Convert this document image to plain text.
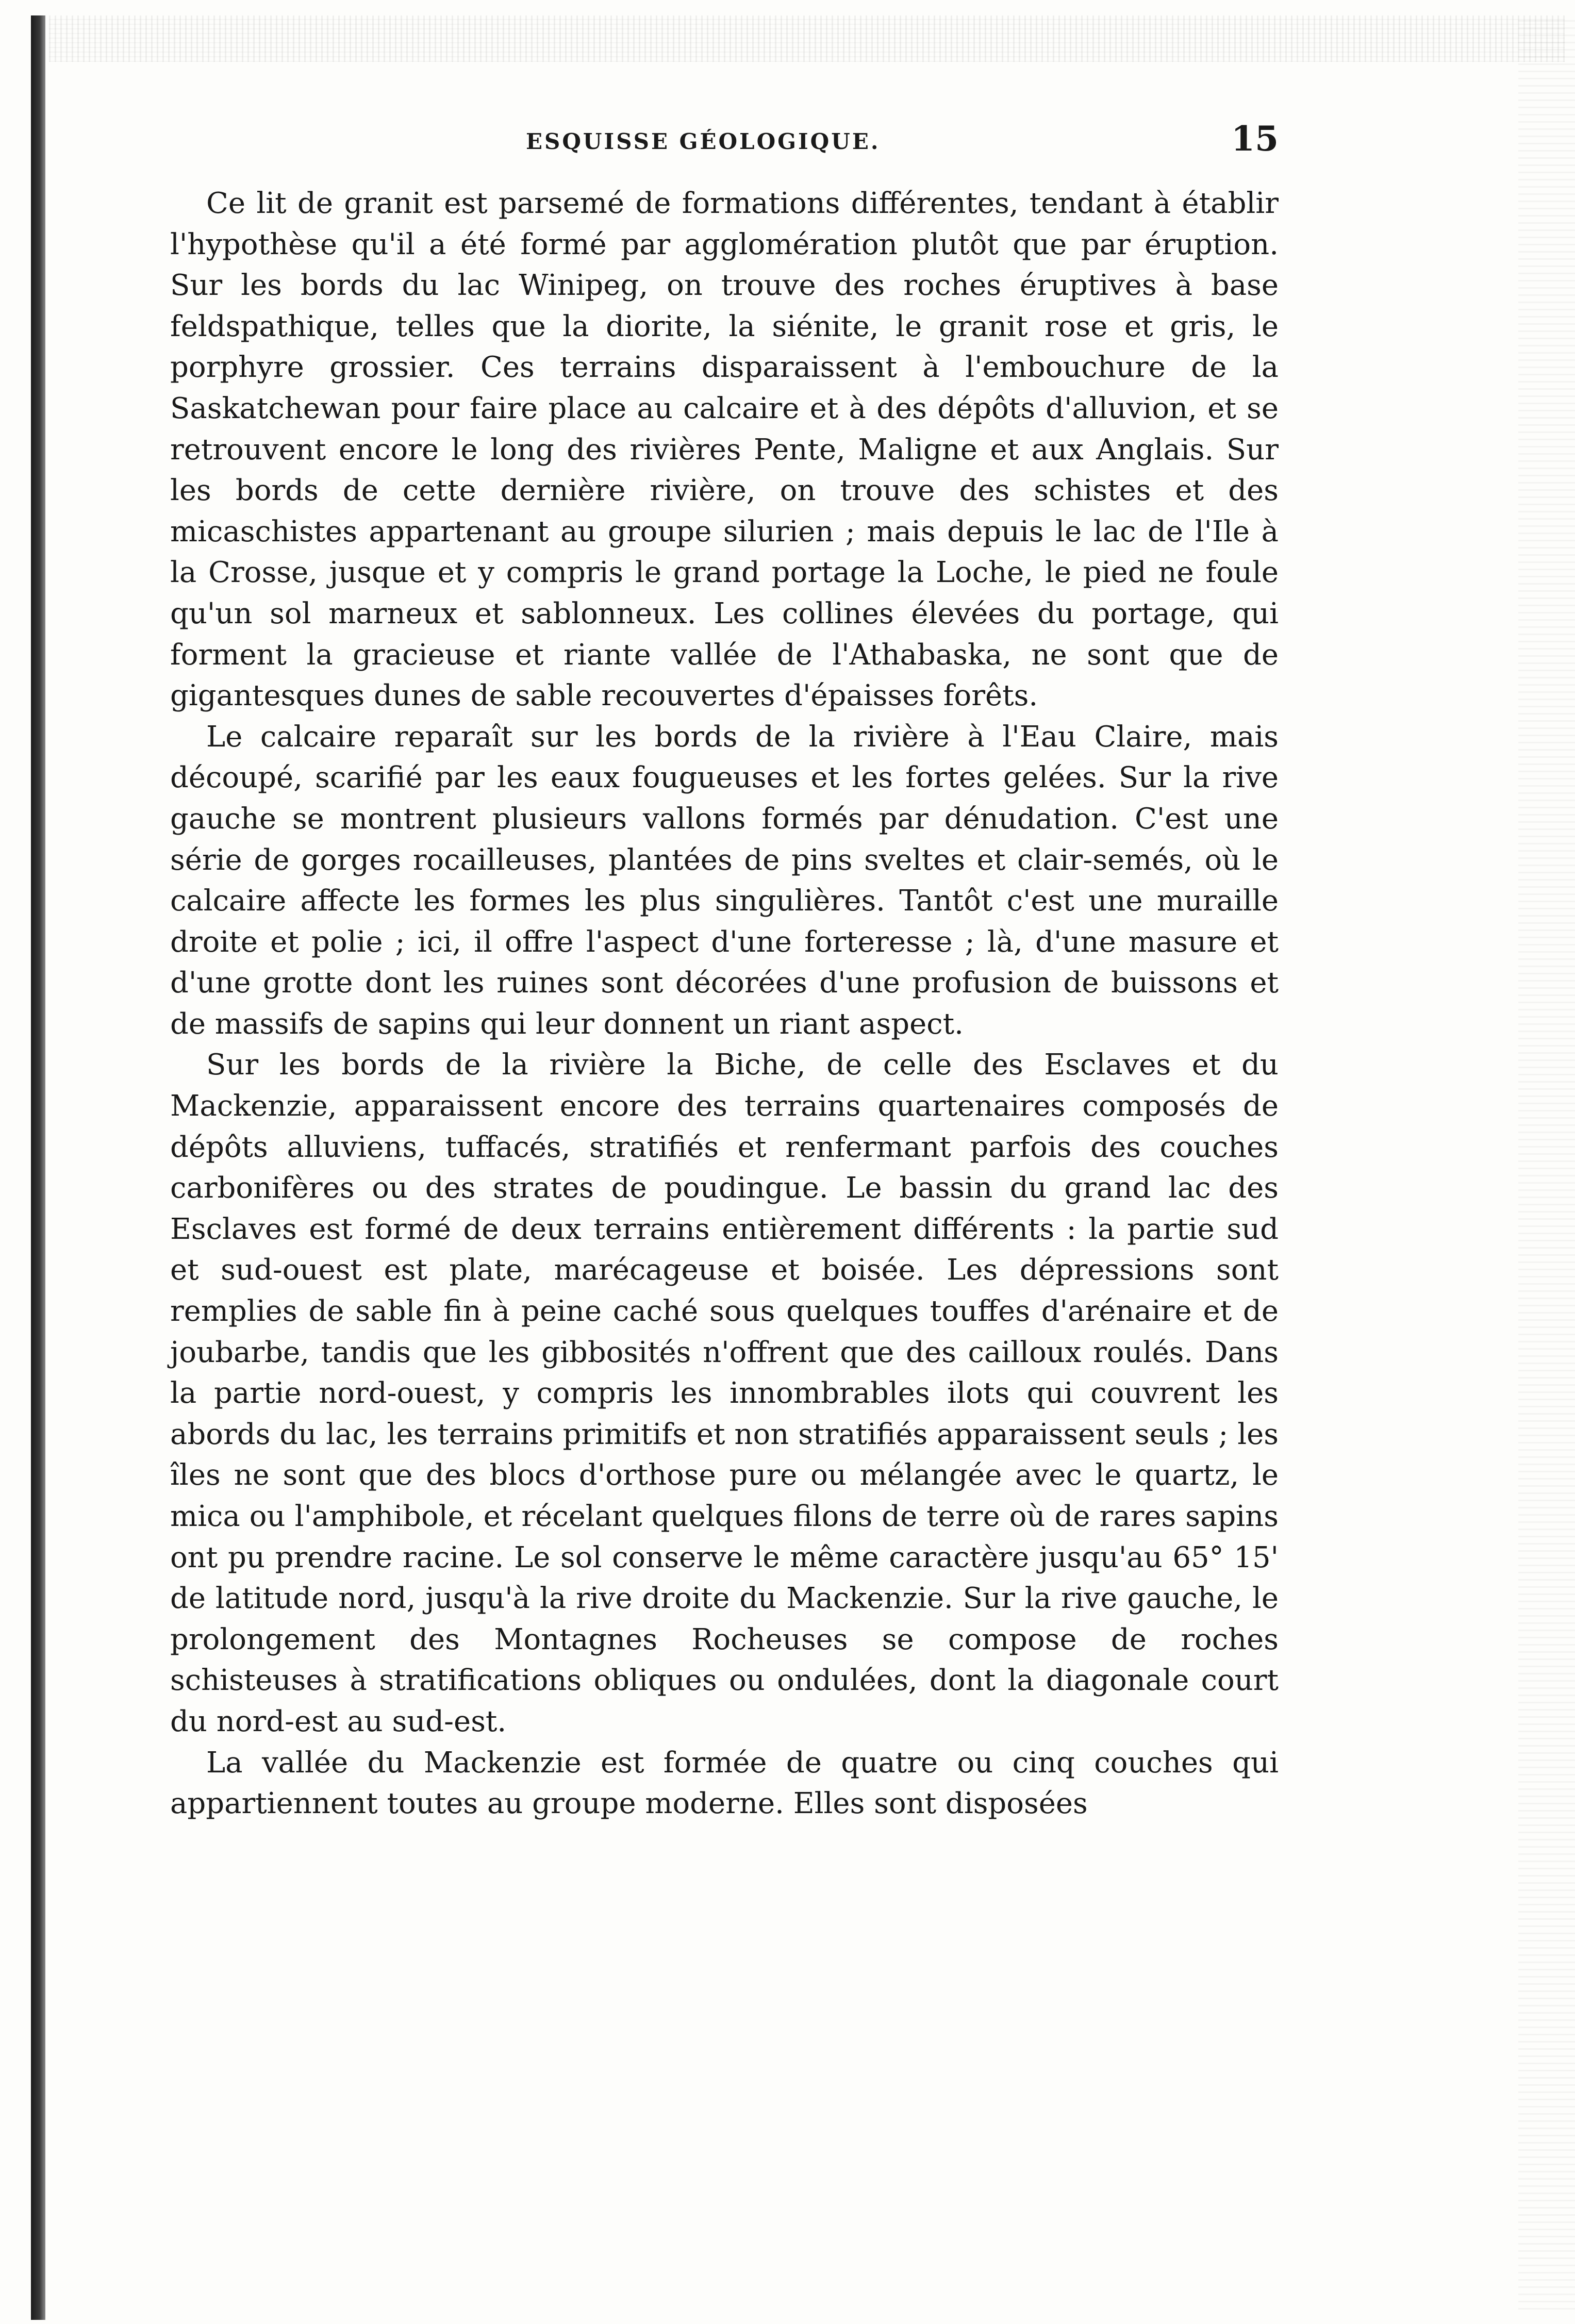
ESQUISSE GÉOLOGIQUE.	15

Ce lit de granit est parsemé de formations différentes, tendant à établir l'hypothèse qu'il a été formé par agglomération plutôt que par éruption. Sur les bords du lac Winipeg, on trouve des roches éruptives à base feldspathique, telles que la diorite, la siénite, le granit rose et gris, le porphyre grossier. Ces terrains disparaissent à l'embouchure de la Saskatchewan pour faire place au calcaire et à des dépôts d'alluvion, et se retrouvent encore le long des rivières Pente, Maligne et aux Anglais. Sur les bords de cette dernière rivière, on trouve des schistes et des micaschistes appartenant au groupe silurien ; mais depuis le lac de l'Ile à la Crosse, jusque et y compris le grand portage la Loche, le pied ne foule qu'un sol marneux et sablonneux. Les collines élevées du portage, qui forment la gracieuse et riante vallée de l'Athabaska, ne sont que de gigantesques dunes de sable recouvertes d'épaisses forêts.

Le calcaire reparaît sur les bords de la rivière à l'Eau Claire, mais découpé, scarifié par les eaux fougueuses et les fortes gelées. Sur la rive gauche se montrent plusieurs vallons formés par dénudation. C'est une série de gorges rocailleuses, plantées de pins sveltes et clair-semés, où le calcaire affecte les formes les plus singulières. Tantôt c'est une muraille droite et polie ; ici, il offre l'aspect d'une forteresse ; là, d'une masure et d'une grotte dont les ruines sont décorées d'une profusion de buissons et de massifs de sapins qui leur donnent un riant aspect.

Sur les bords de la rivière la Biche, de celle des Esclaves et du Mackenzie, apparaissent encore des terrains quartenaires composés de dépôts alluviens, tuffacés, stratifiés et renfermant parfois des couches carbonifères ou des strates de poudingue. Le bassin du grand lac des Esclaves est formé de deux terrains entièrement différents : la partie sud et sud-ouest est plate, marécageuse et boisée. Les dépressions sont remplies de sable fin à peine caché sous quelques touffes d'arénaire et de joubarbe, tandis que les gibbosités n'offrent que des cailloux roulés. Dans la partie nord-ouest, y compris les innombrables ilots qui couvrent les abords du lac, les terrains primitifs et non stratifiés apparaissent seuls ; les îles ne sont que des blocs d'orthose pure ou mélangée avec le quartz, le mica ou l'amphibole, et récelant quelques filons de terre où de rares sapins ont pu prendre racine. Le sol conserve le même caractère jusqu'au 65° 15' de latitude nord, jusqu'à la rive droite du Mackenzie. Sur la rive gauche, le prolongement des Montagnes Rocheuses se compose de roches schisteuses à stratifications obliques ou ondulées, dont la diagonale court du nord-est au sud-est.

La vallée du Mackenzie est formée de quatre ou cinq couches qui appartiennent toutes au groupe moderne. Elles sont disposées
